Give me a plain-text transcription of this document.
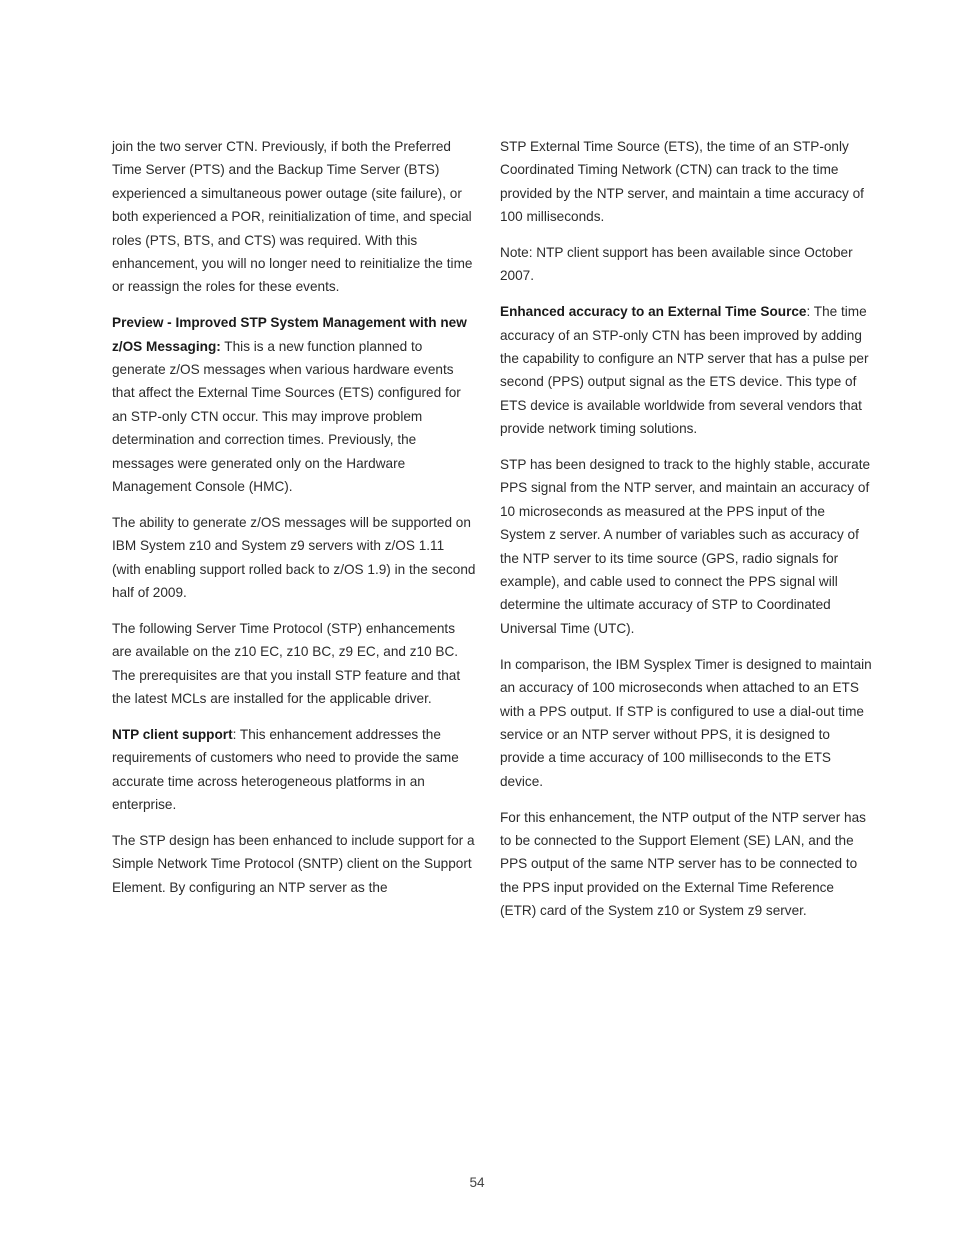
join the two server CTN. Previously, if both the Preferred Time Server (PTS) and the Backup Time Server (BTS) experienced a simultaneous power outage (site failure), or both experienced a POR, reinitialization of time, and special roles (PTS, BTS, and CTS) was required. With this enhancement, you will no longer need to reinitialize the time or reassign the roles for these events.

Preview - Improved STP System Management with new z/OS Messaging: This is a new function planned to generate z/OS messages when various hardware events that affect the External Time Sources (ETS) configured for an STP-only CTN occur. This may improve problem determination and correction times. Previously, the messages were generated only on the Hardware Management Console (HMC).

The ability to generate z/OS messages will be supported on IBM System z10 and System z9 servers with z/OS 1.11 (with enabling support rolled back to z/OS 1.9) in the second half of 2009.

The following Server Time Protocol (STP) enhancements are available on the z10 EC, z10 BC, z9 EC, and z10 BC. The prerequisites are that you install STP feature and that the latest MCLs are installed for the applicable driver.

NTP client support: This enhancement addresses the requirements of customers who need to provide the same accurate time across heterogeneous platforms in an enterprise.

The STP design has been enhanced to include support for a Simple Network Time Protocol (SNTP) client on the Support Element. By configuring an NTP server as the

STP External Time Source (ETS), the time of an STP-only Coordinated Timing Network (CTN) can track to the time provided by the NTP server, and maintain a time accuracy of 100 milliseconds.

Note: NTP client support has been available since October 2007.

Enhanced accuracy to an External Time Source: The time accuracy of an STP-only CTN has been improved by adding the capability to configure an NTP server that has a pulse per second (PPS) output signal as the ETS device. This type of ETS device is available worldwide from several vendors that provide network timing solutions.

STP has been designed to track to the highly stable, accurate PPS signal from the NTP server, and maintain an accuracy of 10 microseconds as measured at the PPS input of the System z server. A number of variables such as accuracy of the NTP server to its time source (GPS, radio signals for example), and cable used to connect the PPS signal will determine the ultimate accuracy of STP to Coordinated Universal Time (UTC).

In comparison, the IBM Sysplex Timer is designed to maintain an accuracy of 100 microseconds when attached to an ETS with a PPS output. If STP is configured to use a dial-out time service or an NTP server without PPS, it is designed to provide a time accuracy of 100 milliseconds to the ETS device.

For this enhancement, the NTP output of the NTP server has to be connected to the Support Element (SE) LAN, and the PPS output of the same NTP server has to be connected to the PPS input provided on the External Time Reference (ETR) card of the System z10 or System z9 server.

54
